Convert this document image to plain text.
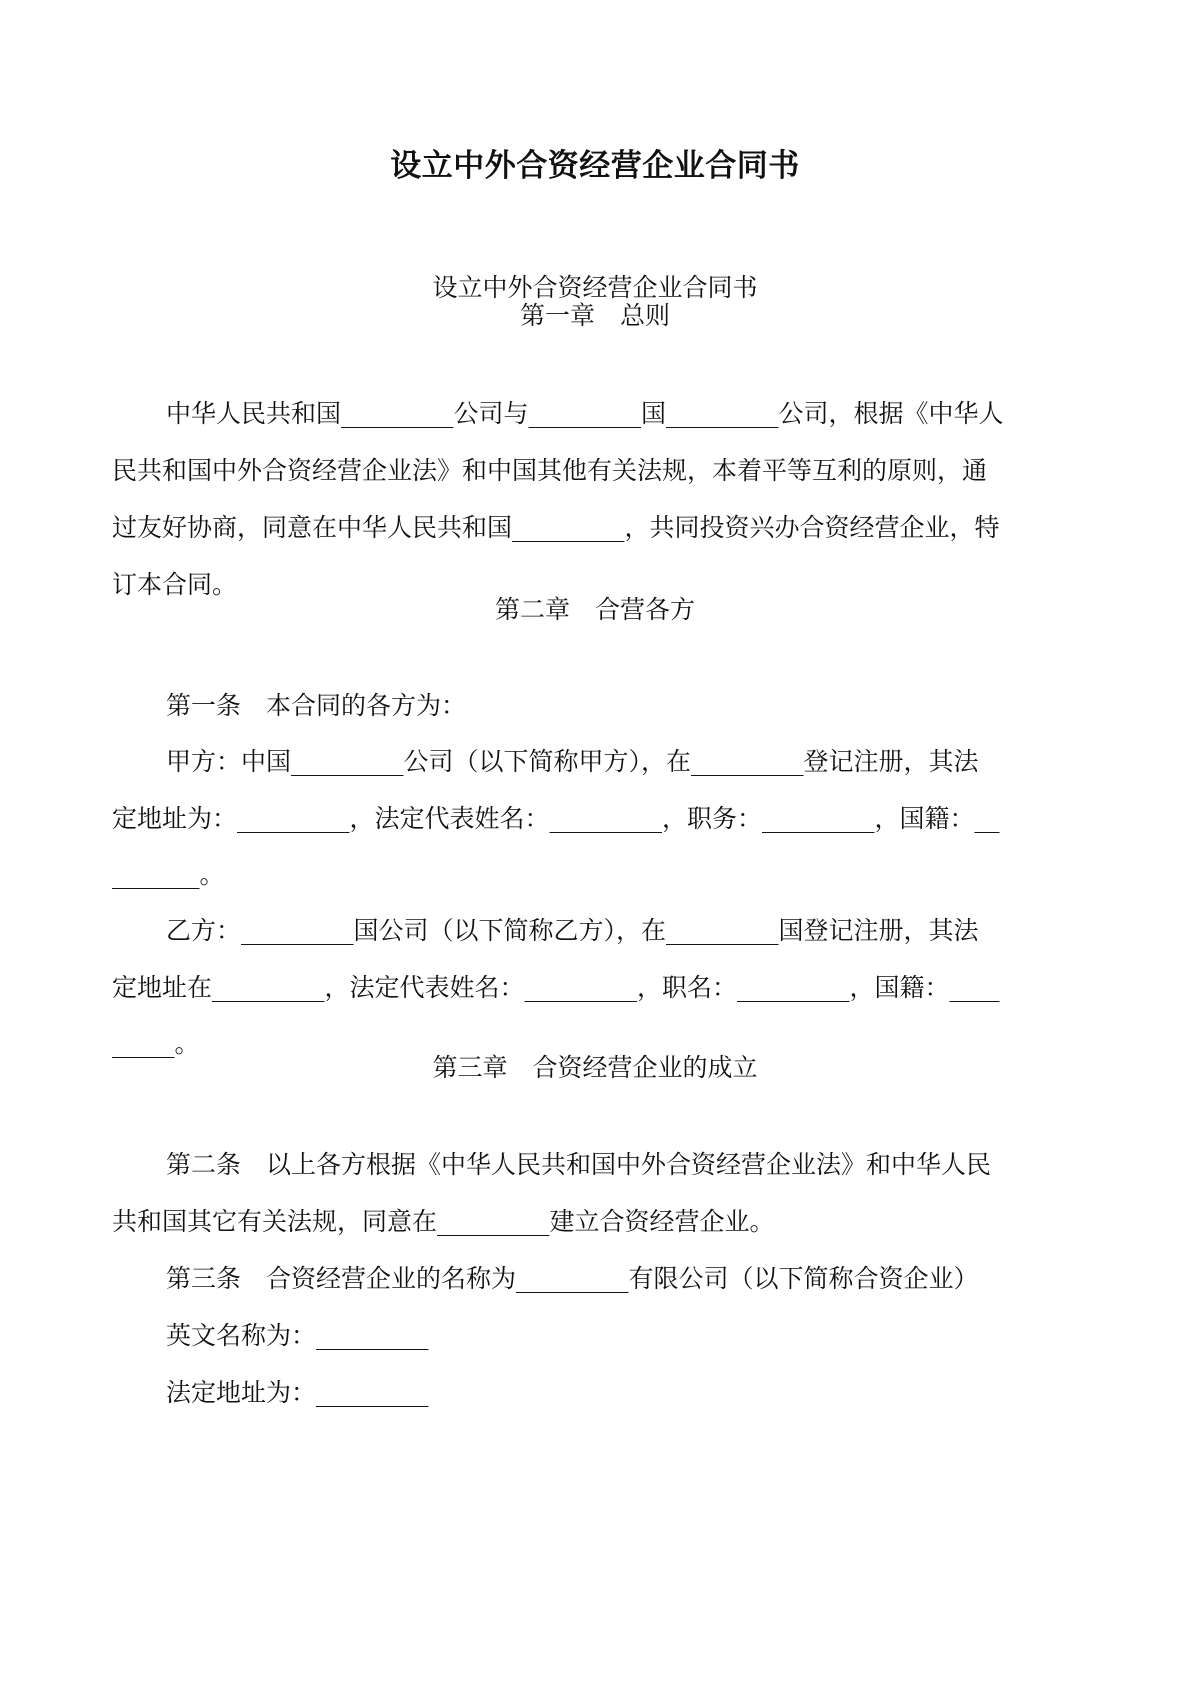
设立中外合资经营企业合同书

设立中外合资经营企业合同书

第一章　总则

中华人民共和国_________公司与_________国_________公司，根据《中华人

民共和国中外合资经营企业法》和中国其他有关法规，本着平等互利的原则，通

过友好协商，同意在中华人民共和国_________，共同投资兴办合资经营企业，特

订本合同。

第二章　合营各方

第一条　本合同的各方为：

甲方：中国_________公司（以下简称甲方），在_________登记注册，其法

定地址为：_________，法定代表姓名：_________，职务：_________，国籍：__

_______。

乙方：_________国公司（以下简称乙方），在_________国登记注册，其法

定地址在_________，法定代表姓名：_________，职名：_________，国籍：____

_____。

第三章　合资经营企业的成立

第二条　以上各方根据《中华人民共和国中外合资经营企业法》和中华人民

共和国其它有关法规，同意在_________建立合资经营企业。

第三条　合资经营企业的名称为_________有限公司（以下简称合资企业）

英文名称为：_________

法定地址为：_________
